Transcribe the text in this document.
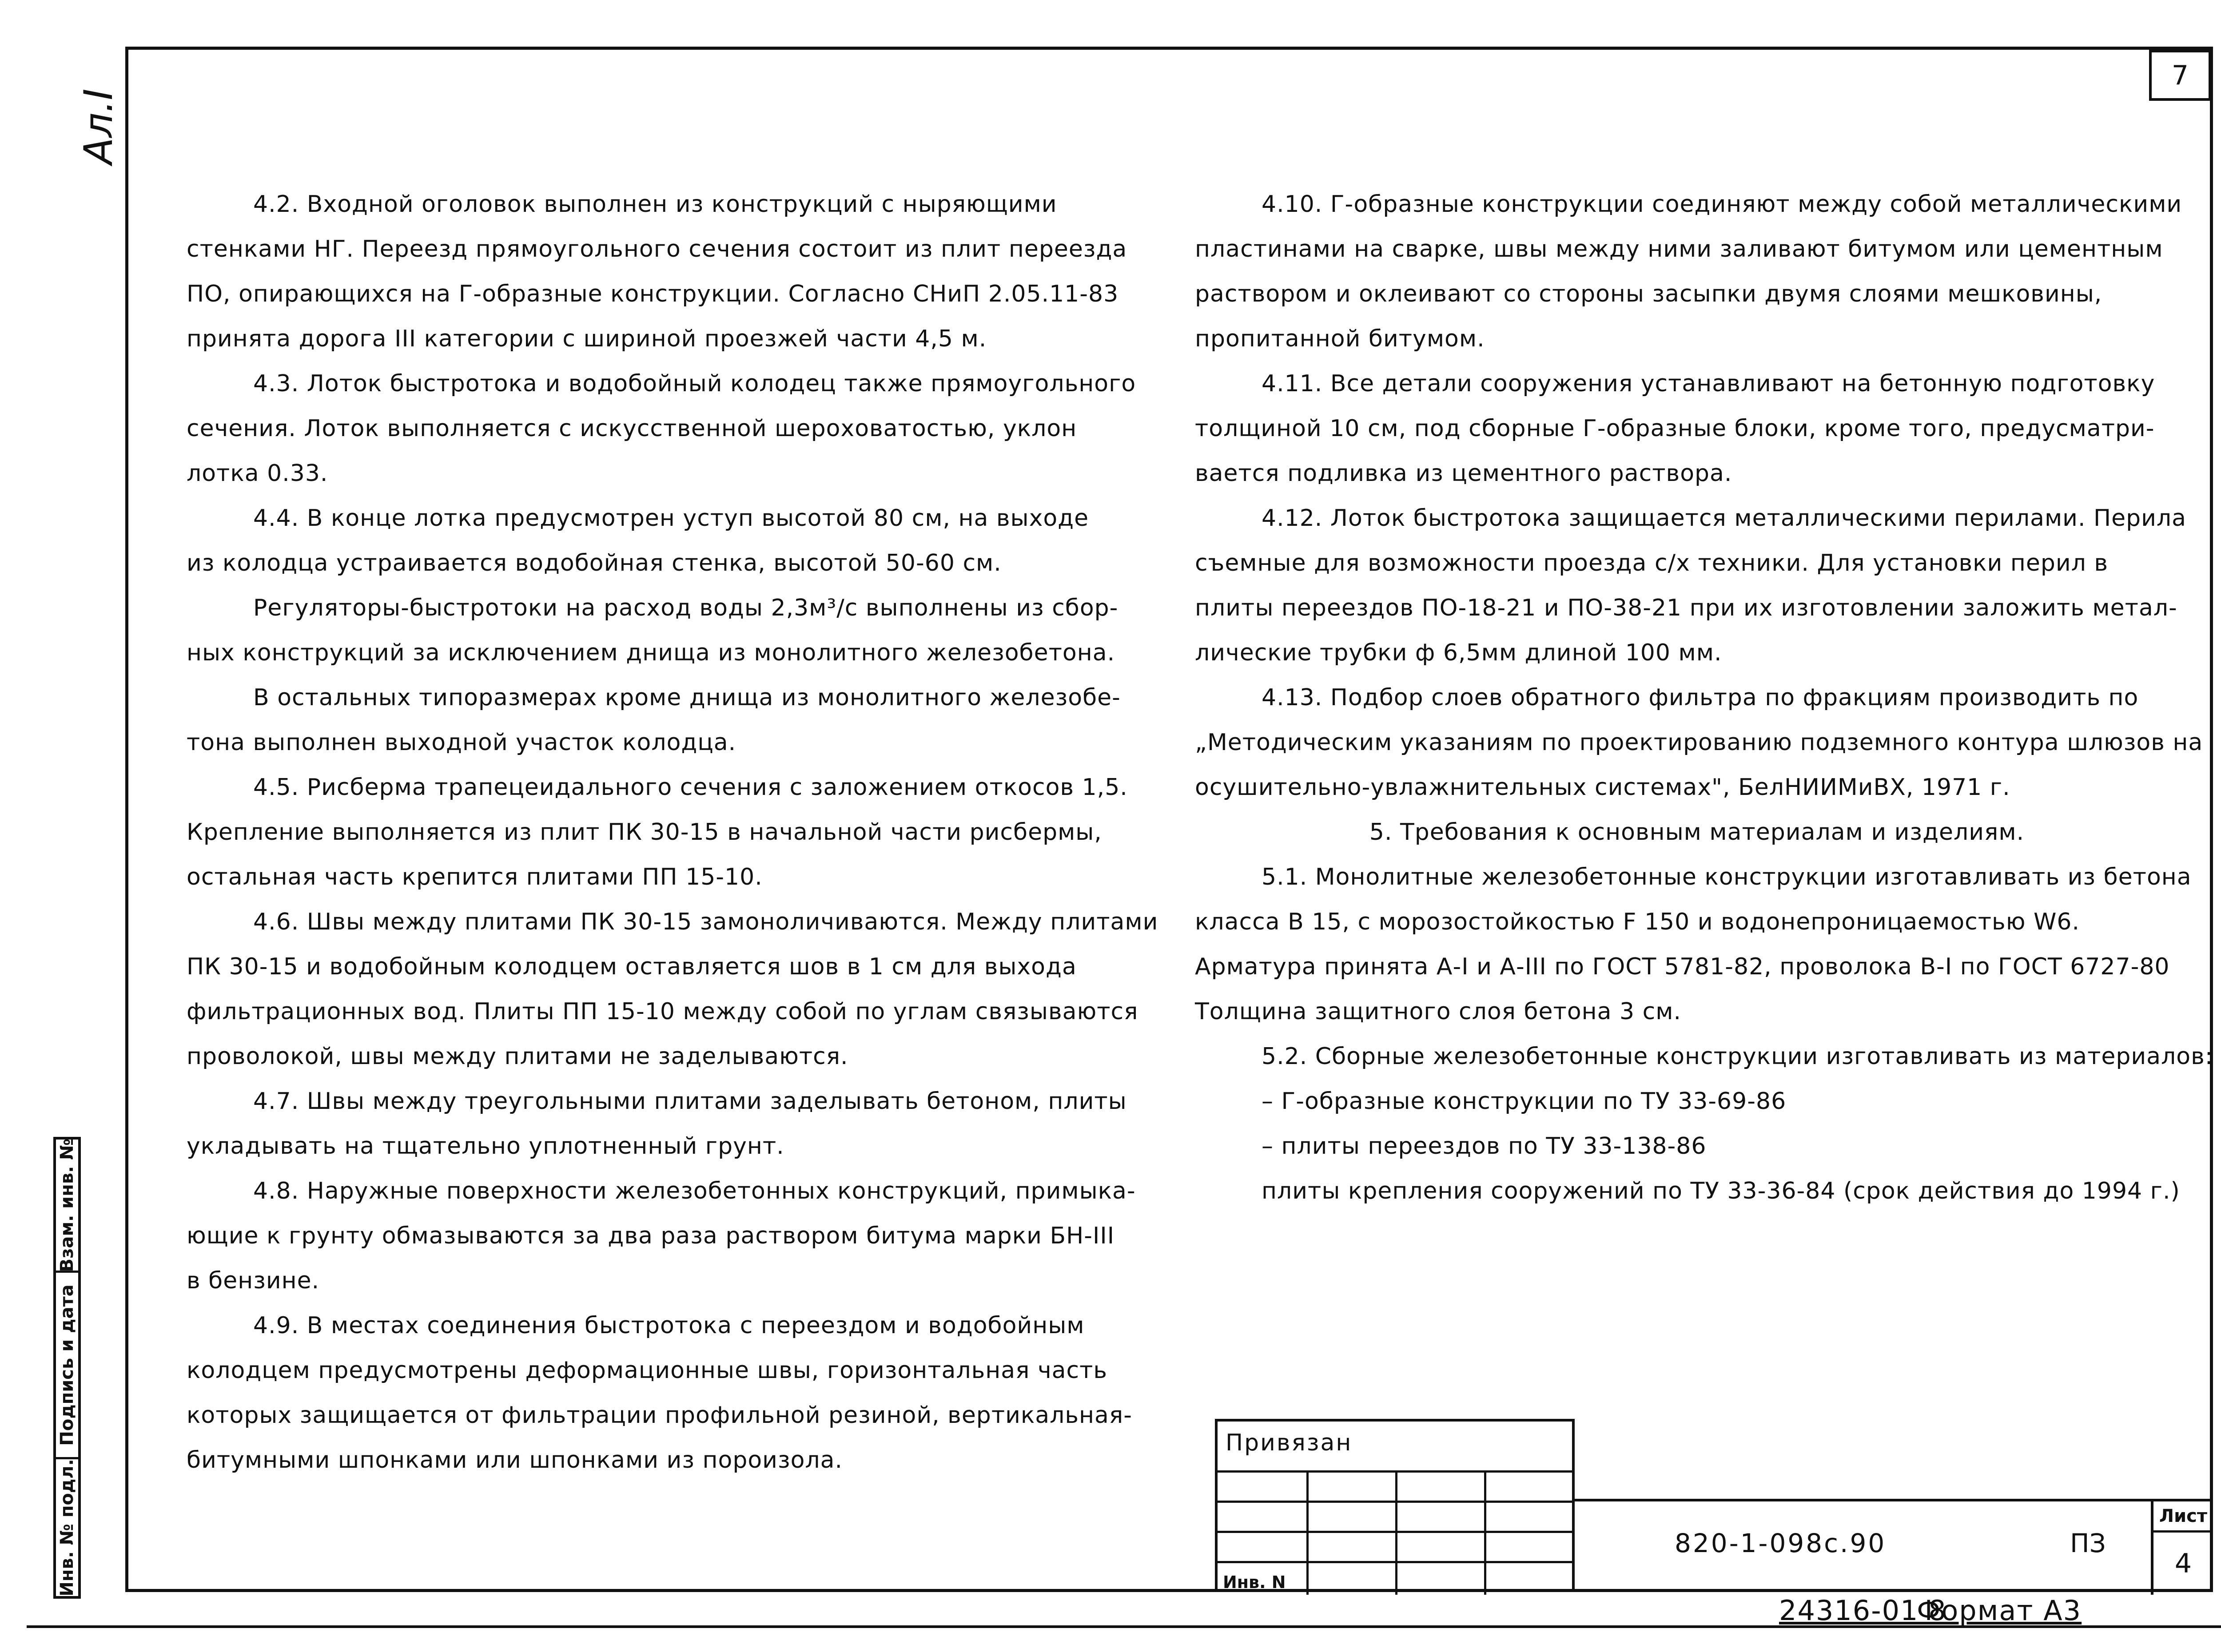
7
Ал.I

4.2. Входной оголовок выполнен из конструкций с ныряющими

стенками НГ. Переезд прямоугольного сечения состоит из плит переезда

ПО, опирающихся на Г-образные конструкции. Согласно СНиП 2.05.11-83

принята дорога III категории с шириной проезжей части 4,5 м.

4.3. Лоток быстротока и водобойный колодец также прямоугольного

сечения. Лоток выполняется с искусственной шероховатостью, уклон

лотка 0.33.

4.4. В конце лотка предусмотрен уступ высотой 80 см, на выходе

из колодца устраивается водобойная стенка, высотой 50-60 см.

Регуляторы-быстротоки на расход воды 2,3м³/с выполнены из сбор-

ных конструкций за исключением днища из монолитного железобетона.

В остальных типоразмерах кроме днища из монолитного железобе-

тона выполнен выходной участок колодца.

4.5. Рисберма трапецеидального сечения с заложением откосов 1,5.

Крепление выполняется из плит ПК 30-15 в начальной части рисбермы,

остальная часть крепится плитами ПП 15-10.

4.6. Швы между плитами ПК 30-15 замоноличиваются. Между плитами

ПК 30-15 и водобойным колодцем оставляется шов в 1 см для выхода

фильтрационных вод. Плиты ПП 15-10 между собой по углам связываются

проволокой, швы между плитами не заделываются.

4.7. Швы между треугольными плитами заделывать бетоном, плиты

укладывать на тщательно уплотненный грунт.

4.8. Наружные поверхности железобетонных конструкций, примыка-

ющие к грунту обмазываются за два раза раствором битума марки БН-III

в бензине.

4.9. В местах соединения быстротока с переездом и водобойным

колодцем предусмотрены деформационные швы, горизонтальная часть

которых защищается от фильтрации профильной резиной, вертикальная-

битумными шпонками или шпонками из пороизола.

4.10. Г-образные конструкции соединяют между собой металлическими

пластинами на сварке, швы между ними заливают битумом или цементным

раствором и оклеивают со стороны засыпки двумя слоями мешковины,

пропитанной битумом.

4.11. Все детали сооружения устанавливают на бетонную подготовку

толщиной 10 см, под сборные Г-образные блоки, кроме того, предусматри-

вается подливка из цементного раствора.

4.12. Лоток быстротока защищается металлическими перилами. Перила

съемные для возможности проезда с/х техники. Для установки перил в

плиты переездов ПО-18-21 и ПО-38-21 при их изготовлении заложить метал-

лические трубки ф 6,5мм длиной 100 мм.

4.13. Подбор слоев обратного фильтра по фракциям производить по

„Методическим указаниям по проектированию подземного контура шлюзов на

осушительно-увлажнительных системах", БелНИИМиВХ, 1971 г.

5. Требования к основным материалам и изделиям.

5.1. Монолитные железобетонные конструкции изготавливать из бетона

класса В 15, с морозостойкостью F 150 и водонепроницаемостью W6.

Арматура принята А-I и А-III по ГОСТ 5781-82, проволока В-I по ГОСТ 6727-80

Толщина защитного слоя бетона 3 см.

5.2. Сборные железобетонные конструкции изготавливать из материалов:

– Г-образные конструкции по ТУ 33-69-86

– плиты переездов по ТУ 33-138-86

плиты крепления сооружений по ТУ 33-36-84 (срок действия до 1994 г.)

Взам. инв. №
Подпись и дата
Инв. № подл.
Привязан
Инв. N
820-1-098с.90	ПЗ
Лист
4
24316-01 8
Формат А3
